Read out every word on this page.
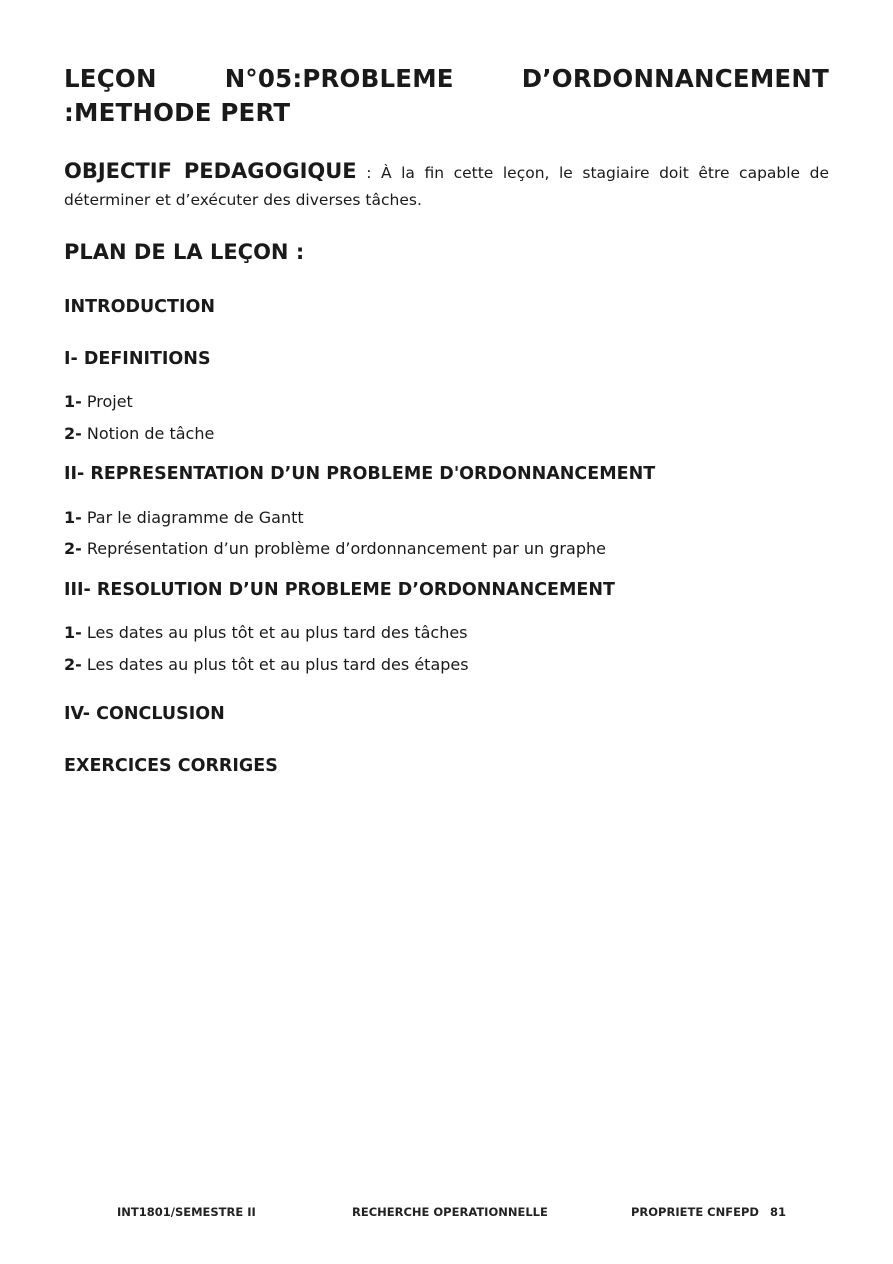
LEÇON N°05:PROBLEME D’ORDONNANCEMENT :METHODE PERT

OBJECTIF PEDAGOGIQUE : À la fin cette leçon, le stagiaire doit être capable de déterminer et d’exécuter des diverses tâches.

PLAN DE LA LEÇON :
INTRODUCTION
I- DEFINITIONS

1- Projet

2- Notion de tâche

II- REPRESENTATION D’UN PROBLEME D'ORDONNANCEMENT

1- Par le diagramme de Gantt

2- Représentation d’un problème d’ordonnancement par un graphe

III- RESOLUTION D’UN PROBLEME D’ORDONNANCEMENT

1- Les dates au plus tôt et au plus tard des tâches

2- Les dates au plus tôt et au plus tard des étapes

IV- CONCLUSION
EXERCICES CORRIGES
INT1801/SEMESTRE II	RECHERCHE OPERATIONNELLE	PROPRIETE CNFEPD 81
